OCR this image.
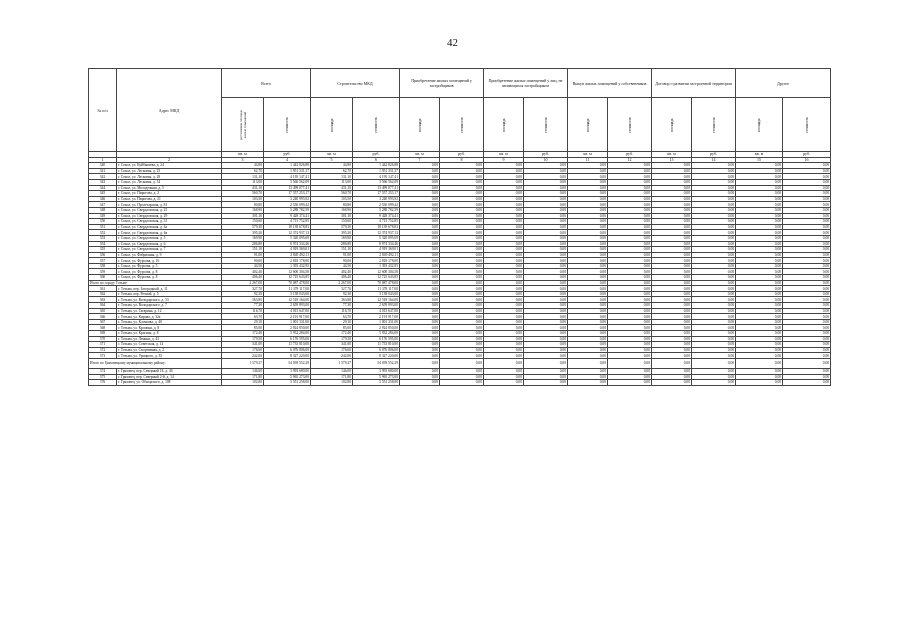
42
№ п/п	Адрес МКД	Всего		Строительство МКД		Приобретение жилых помещений у застройщиков		Приобретение жилых помещений у лиц, не являющихся застройщиком		Выкуп жилых помещений у собственников		Договор о развитии застроенной территории		Другое	

		расселяемая площадь жилых помещений	стоимость	площадь	стоимость	площадь	стоимость	площадь	стоимость	площадь	стоимость	площадь	стоимость	площадь	стоимость

		кв. м	руб.	кв. м	руб.	кв. м	руб.	кв. м	руб.	кв. м	руб.	кв. м	руб.	кв. м	руб.
1	2	3	4	5	6	7	8	9	10	11	12	13	14	15	16
340	г. Сокол, ул. Куйбышева, д. 24	44,80	1 442 826,88	44,80	1 442 826,88	0,00	0,00	0,00	0,00	0,00	0,00	0,00	0,00	0,00	0,00
341	г. Сокол, ул. Лесковая, д. 25	62,70	1 951 331,37	62,70	1 951 331,37	0,00	0,00	0,00	0,00	0,00	0,00	0,00	0,00	0,00	0,00
342	г. Сокол, ул. Лесковая, д. 28	131,10	4 195 147,41	131,10	4 195 147,41	0,00	0,00	0,00	0,00	0,00	0,00	0,00	0,00	0,00	0,00
343	г. Сокол, ул. Лесковая, д. 34	113,00	3 566 562,09	113,00	3 566 562,09	0,00	0,00	0,00	0,00	0,00	0,00	0,00	0,00	0,00	0,00
344	г. Сокол, ул. Молодежная, д. 5	431,10	13 499 077,41	431,10	13 499 077,41	0,00	0,00	0,00	0,00	0,00	0,00	0,00	0,00	0,00	0,00
345	г. Сокол, ул. Пирогова, д. 2	560,70	17 557 253,17	560,70	17 557 253,17	0,00	0,00	0,00	0,00	0,00	0,00	0,00	0,00	0,00	0,00
346	г. Сокол, ул. Пирогова, д. 21	103,50	3 240 993,92	103,50	3 240 993,92	0,00	0,00	0,00	0,00	0,00	0,00	0,00	0,00	0,00	0,00
347	г. Сокол, ул. Пролетарская, д. 81	80,80	2 530 099,42	80,80	2 530 099,42	0,00	0,00	0,00	0,00	0,00	0,00	0,00	0,00	0,00	0,00
348	г. Сокол, ул. Свердловская, д. 25	168,90	5 288 782,59	168,90	5 288 782,59	0,00	0,00	0,00	0,00	0,00	0,00	0,00	0,00	0,00	0,00
349	г. Сокол, ул. Свердловская, д. 29	301,10	9 428 374,41	301,10	9 428 374,41	0,00	0,00	0,00	0,00	0,00	0,00	0,00	0,00	0,00	0,00
350	г. Сокол, ул. Свердловская, д. 31	150,60	4 715 752,85	150,60	4 715 752,85	0,00	0,00	0,00	0,00	0,00	0,00	0,00	0,00	0,00	0,00
351	г. Сокол, ул. Свердловская, д. 4а	579,30	18 139 678,83	579,30	18 139 678,83	0,00	0,00	0,00	0,00	0,00	0,00	0,00	0,00	0,00	0,00
352	г. Сокол, ул. Свердловская, д. 4в	395,20	12 374 937,13	395,20	12 374 937,13	0,00	0,00	0,00	0,00	0,00	0,00	0,00	0,00	0,00	0,00
353	г. Сокол, ул. Свердловская, д. 5	169,90	5 320 095,69	169,90	5 320 095,69	0,00	0,00	0,00	0,00	0,00	0,00	0,00	0,00	0,00	0,00
354	г. Сокол, ул. Свердловская, д. 6	286,80	8 974 334,46	286,80	8 974 334,46	0,00	0,00	0,00	0,00	0,00	0,00	0,00	0,00	0,00	0,00
355	г. Сокол, ул. Свердловская, д. 7	151,10	4 919 369,01	151,10	4 919 369,01	0,00	0,00	0,00	0,00	0,00	0,00	0,00	0,00	0,00	0,00
356	г. Сокол, ул. Фабричная, д. 9	91,00	2 849 492,11	91,00	2 849 492,11	0,00	0,00	0,00	0,00	0,00	0,00	0,00	0,00	0,00	0,00
357	г. Сокол, ул. Фурсова, д. 16	90,00	2 818 178,00	90,00	2 818 178,00	0,00	0,00	0,00	0,00	0,00	0,00	0,00	0,00	0,00	0,00
358	г. Сокол, ул. Фурсова, д. 5	44,50	1 393 432,95	44,50	1 393 432,95	0,00	0,00	0,00	0,00	0,00	0,00	0,00	0,00	0,00	0,00
359	г. Сокол, ул. Фурсова, д. 8	402,40	12 600 304,58	402,40	12 600 304,58	0,00	0,00	0,00	0,00	0,00	0,00	0,00	0,00	0,00	0,00
360	г. Сокол, ул. Фурсова, д. 8	406,40	12 725 643,85	406,40	12 725 643,85	0,00	0,00	0,00	0,00	0,00	0,00	0,00	0,00	0,00	0,00
Итого по городу Тотьме:		2 267,00	70 087 478,00	2 267,00	70 087 478,00	0,00	0,00	0,00	0,00	0,00	0,00	0,00	0,00	0,00	0,00
361	г. Тотьма, пер. Загородный, д. 11	327,70	11 378 117,00	327,70	11 378 117,00	0,00	0,00	0,00	0,00	0,00	0,00	0,00	0,00	0,00	0,00
362	г. Тотьма, пер. Речной, д. 5	92,30	3 138 043,00	92,30	3 138 043,00	0,00	0,00	0,00	0,00	0,00	0,00	0,00	0,00	0,00	0,00
363	г. Тотьма, ул. Володарского, д. 33	363,80	12 518 164,00	363,80	12 518 164,00	0,00	0,00	0,00	0,00	0,00	0,00	0,00	0,00	0,00	0,00
364	г. Тотьма, ул. Володарского, д. 7	77,30	2 659 893,00	77,30	2 659 893,00	0,00	0,00	0,00	0,00	0,00	0,00	0,00	0,00	0,00	0,00
365	г. Тотьма, ул. Гагарина, д. 12	116,70	4 015 647,00	116,70	4 015 647,00	0,00	0,00	0,00	0,00	0,00	0,00	0,00	0,00	0,00	0,00
366	г. Тотьма, ул. Кирова, д. 32а	63,70	2 191 917,00	63,70	2 191 917,00	0,00	0,00	0,00	0,00	0,00	0,00	0,00	0,00	0,00	0,00
367	г. Тотьма, ул. Клочкова, д. 40	29,10	1 001 331,00	29,10	1 001 331,00	0,00	0,00	0,00	0,00	0,00	0,00	0,00	0,00	0,00	0,00
368	г. Тотьма, ул. Кропина, д. 8	85,00	2 924 850,00	85,00	2 924 850,00	0,00	0,00	0,00	0,00	0,00	0,00	0,00	0,00	0,00	0,00
369	г. Тотьма, ул. Красная, д. 8	172,40	5 932 284,00	172,40	5 932 284,00	0,00	0,00	0,00	0,00	0,00	0,00	0,00	0,00	0,00	0,00
370	г. Тотьма, ул. Ленина, д. 43	179,50	6 176 595,00	179,50	6 176 595,00	0,00	0,00	0,00	0,00	0,00	0,00	0,00	0,00	0,00	0,00
371	г. Тотьма, ул. Советская, д. 14	341,00	11 733 810,00	341,00	11 733 810,00	0,00	0,00	0,00	0,00	0,00	0,00	0,00	0,00	0,00	0,00
372	г. Тотьма, ул. Спортивная, д. 2	176,60	6 076 806,00	176,60	6 076 806,00	0,00	0,00	0,00	0,00	0,00	0,00	0,00	0,00	0,00	0,00
373	г. Тотьма, ул. Урицкого, д. 35	242,00	8 327 220,00	242,00	8 327 220,00	0,00	0,00	0,00	0,00	0,00	0,00	0,00	0,00	0,00	0,00
Итого по Грязовецкому муниципальному району:		1 579,27	54 039 552,29	1 579,27	54 039 552,29	0,00	0,00	0,00	0,00	0,00	0,00	0,00	0,00	0,00	0,00
374	г. Грязовец, пер. Северный 1Б, д. 4б	146,00	3 993 680,00	146,00	3 993 680,00	0,00	0,00	0,00	0,00	0,00	0,00	0,00	0,00	0,00	0,00
375	г. Грязовец, пер. Северный 2-й, д. 14	171,80	5 965 273,00	171,80	5 965 273,00	0,00	0,00	0,00	0,00	0,00	0,00	0,00	0,00	0,00	0,00
376	г. Грязовец, ул. Обнорского, д. 108	102,80	3 551 258,00	102,80	3 551 258,00	0,00	0,00	0,00	0,00	0,00	0,00	0,00	0,00	0,00	0,00
